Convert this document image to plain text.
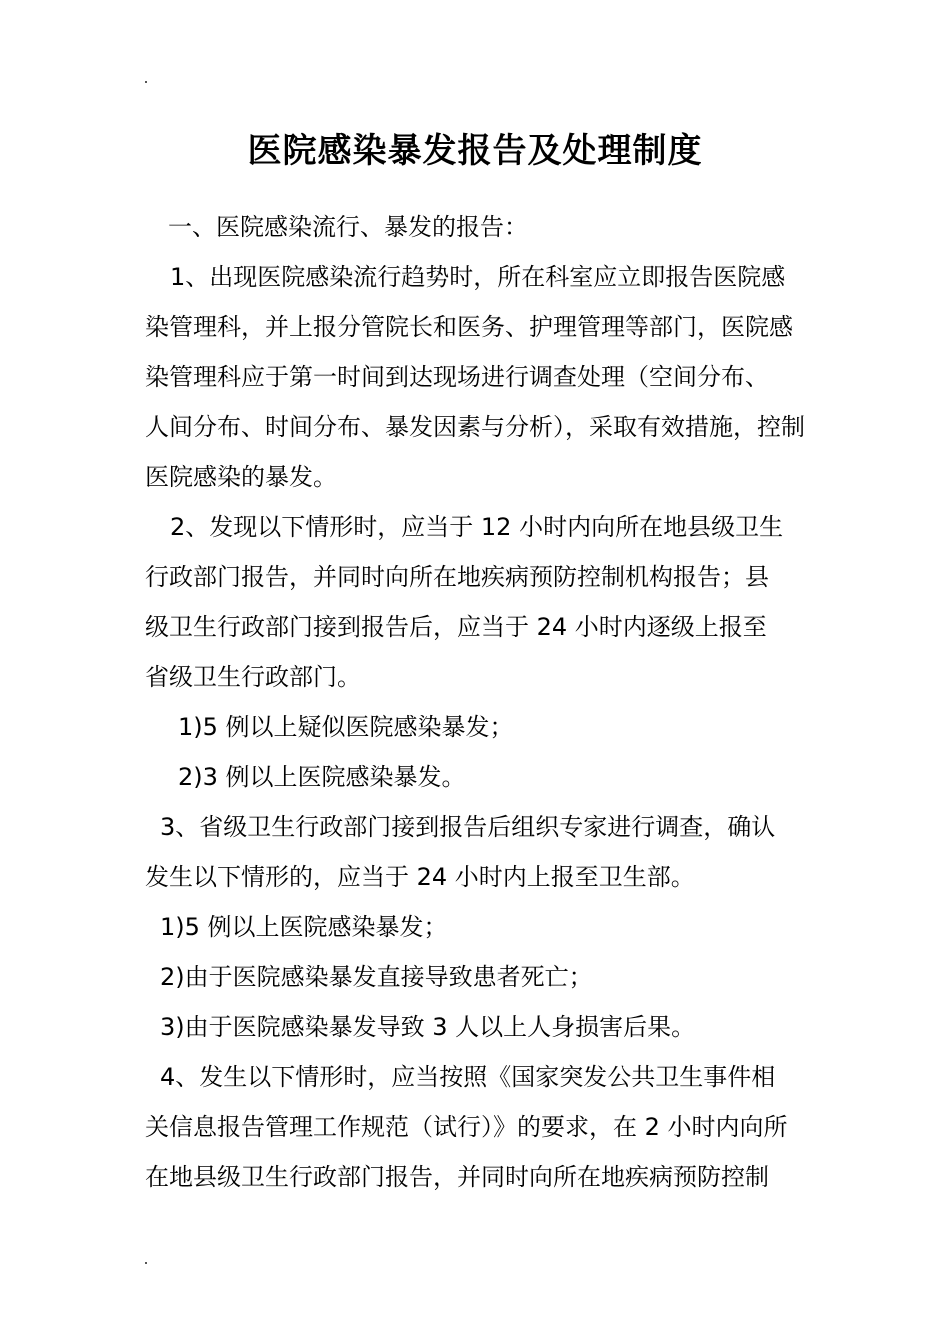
医院感染暴发报告及处理制度

一、医院感染流行、暴发的报告：

1、出现医院感染流行趋势时，所在科室应立即报告医院感

染管理科，并上报分管院长和医务、护理管理等部门，医院感

染管理科应于第一时间到达现场进行调查处理（空间分布、

人间分布、时间分布、暴发因素与分析），采取有效措施，控制

医院感染的暴发。

2、发现以下情形时，应当于 12 小时内向所在地县级卫生

行政部门报告，并同时向所在地疾病预防控制机构报告；县

级卫生行政部门接到报告后，应当于 24 小时内逐级上报至

省级卫生行政部门。

1)5 例以上疑似医院感染暴发；

2)3 例以上医院感染暴发。

3、省级卫生行政部门接到报告后组织专家进行调查，确认

发生以下情形的，应当于 24 小时内上报至卫生部。

1)5 例以上医院感染暴发；

2)由于医院感染暴发直接导致患者死亡；

3)由于医院感染暴发导致 3 人以上人身损害后果。

4、发生以下情形时，应当按照《国家突发公共卫生事件相

关信息报告管理工作规范（试行）》的要求，在 2 小时内向所

在地县级卫生行政部门报告，并同时向所在地疾病预防控制
